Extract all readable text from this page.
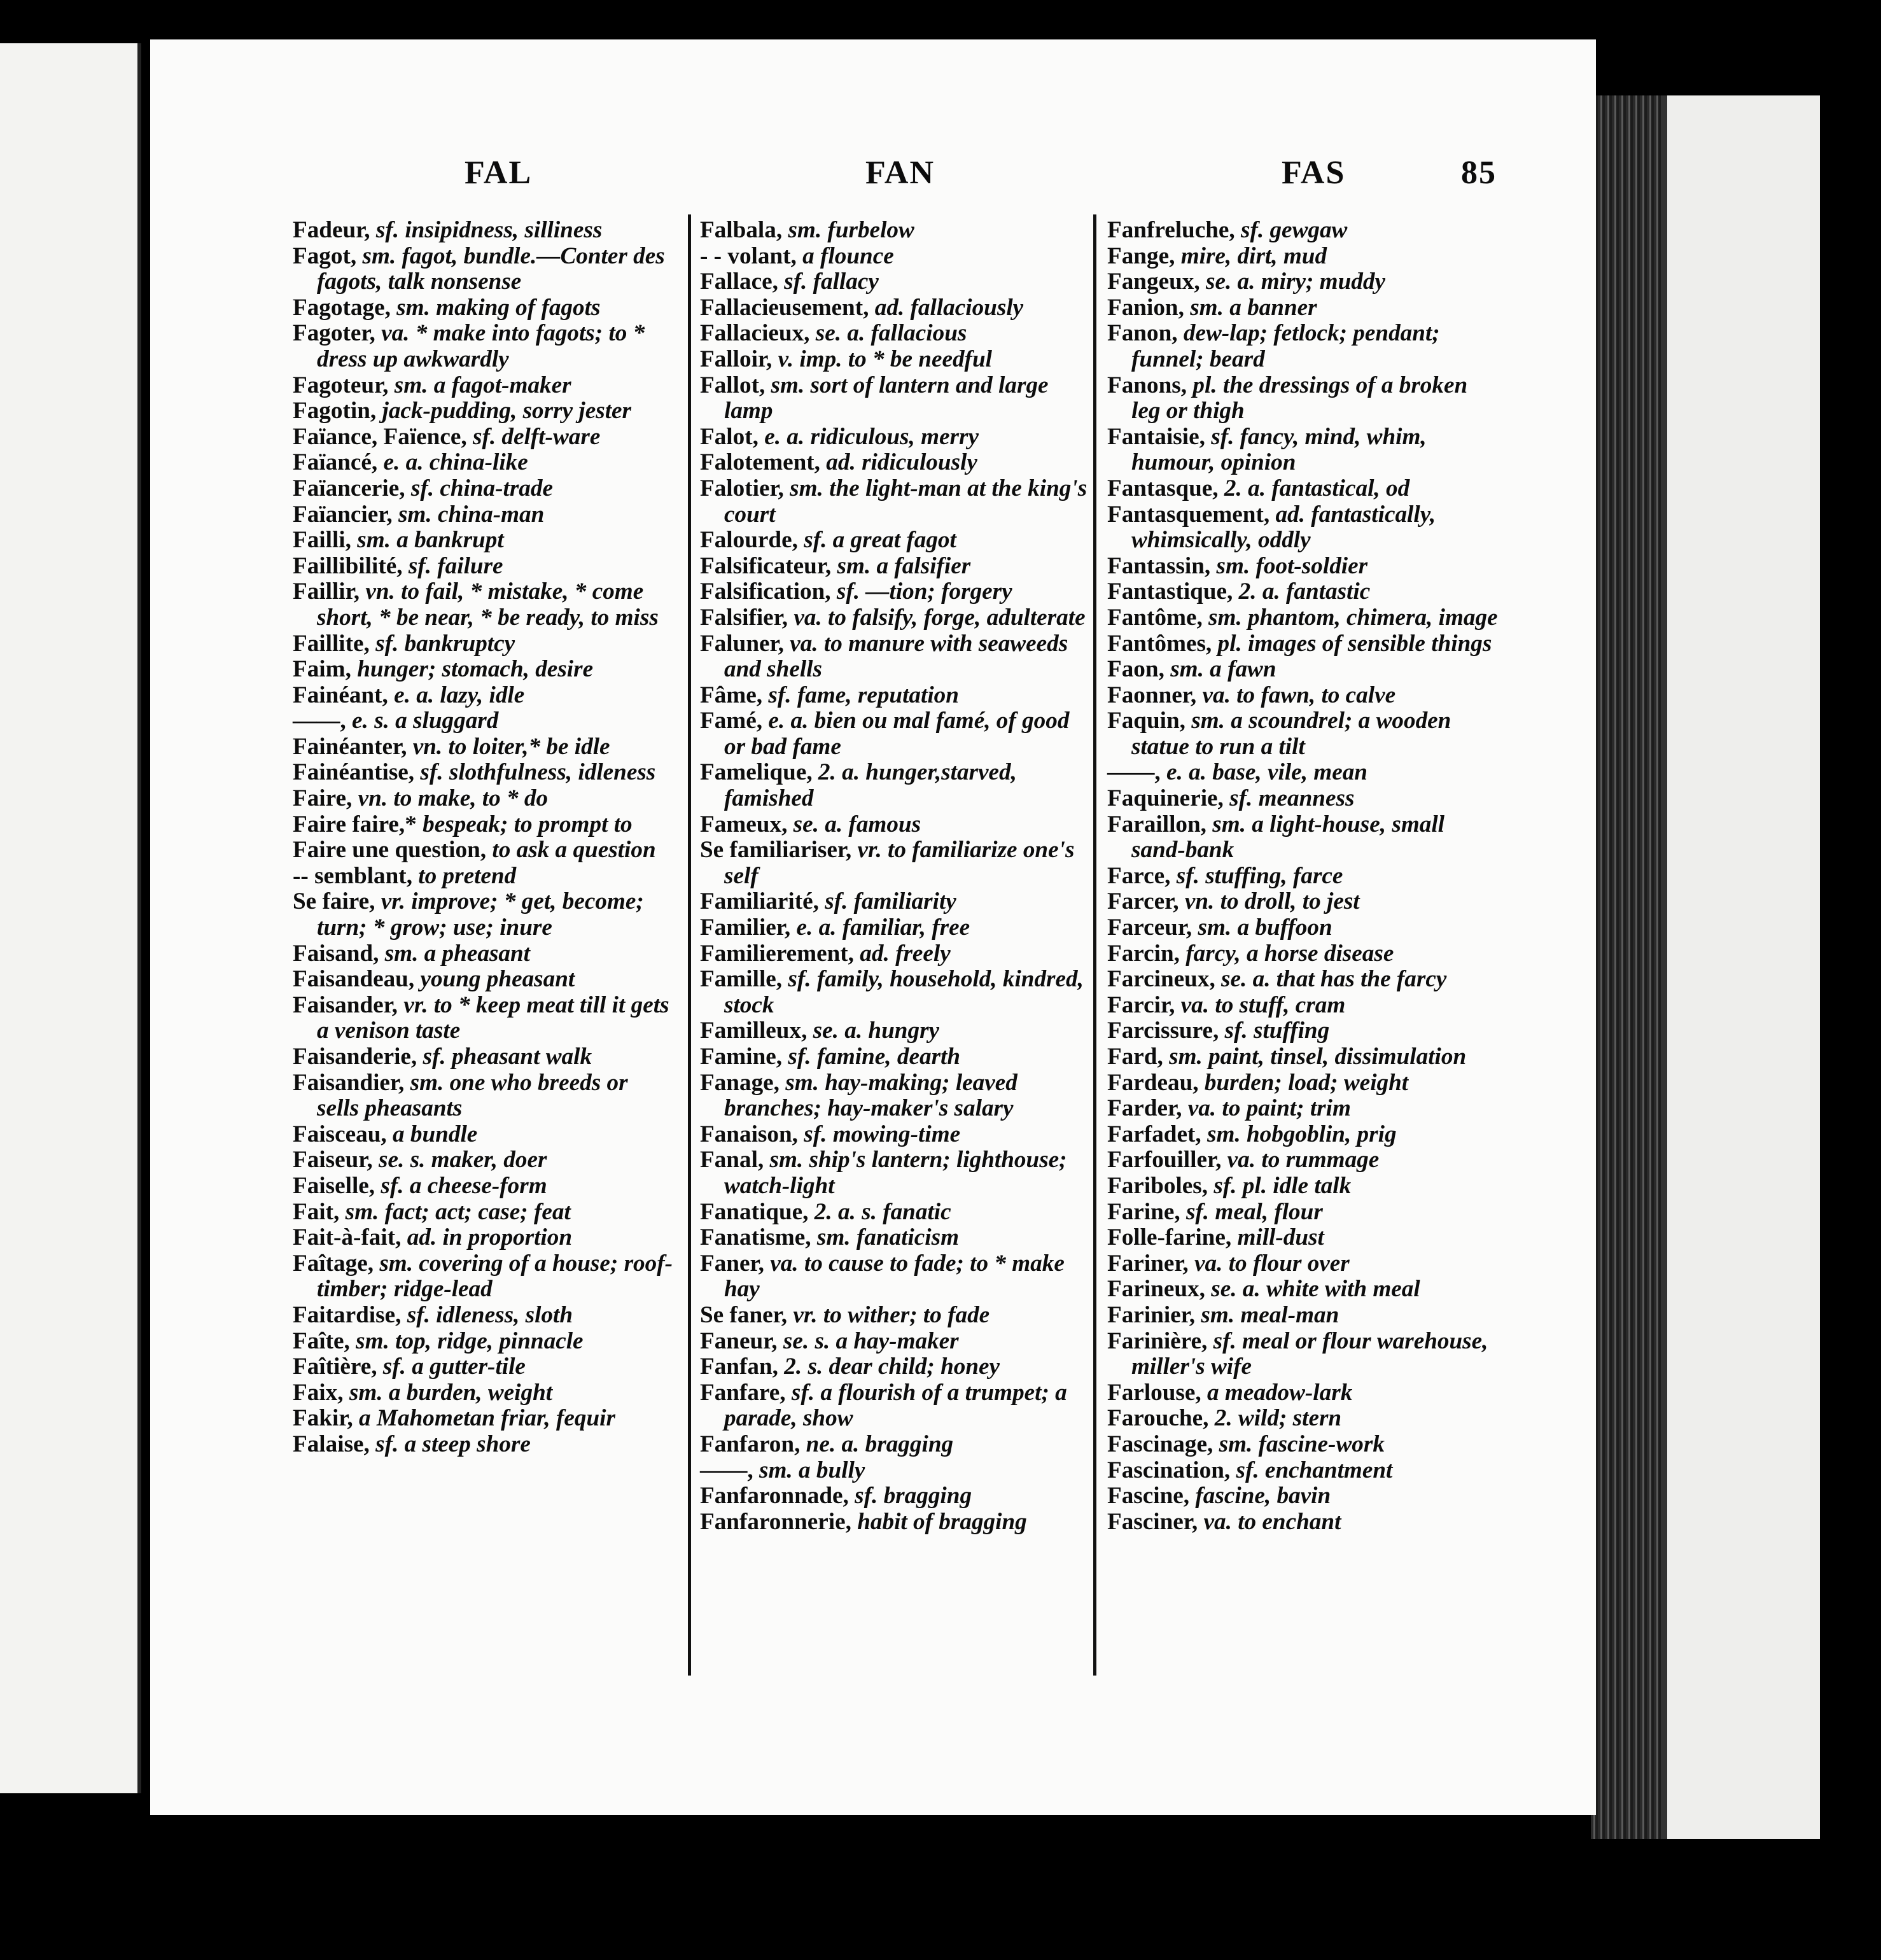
FAL	FAN	FAS	85
Fadeur, sf. insipidness, silliness
Fagot, sm. fagot, bundle.—Conter des fagots, talk nonsense
Fagotage, sm. making of fagots
Fagoter, va. * make into fagots; to * dress up awkwardly
Fagoteur, sm. a fagot-maker
Fagotin, jack-pudding, sorry jester
Faïance, Faïence, sf. delft-ware
Faïancé, e. a. china-like
Faïancerie, sf. china-trade
Faïancier, sm. china-man
Failli, sm. a bankrupt
Faillibilité, sf. failure
Faillir, vn. to fail, * mistake, * come short, * be near, * be ready, to miss
Faillite, sf. bankruptcy
Faim, hunger; stomach, desire
Fainéant, e. a. lazy, idle
——, e. s. a sluggard
Fainéanter, vn. to loiter,* be idle
Fainéantise, sf. slothfulness, idleness
Faire, vn. to make, to * do
Faire faire,* bespeak; to prompt to
Faire une question, to ask a question
-- semblant, to pretend
Se faire, vr. improve; * get, become; turn; * grow; use; inure
Faisand, sm. a pheasant
Faisandeau, young pheasant
Faisander, vr. to * keep meat till it gets a venison taste
Faisanderie, sf. pheasant walk
Faisandier, sm. one who breeds or sells pheasants
Faisceau, a bundle
Faiseur, se. s. maker, doer
Faiselle, sf. a cheese-form
Fait, sm. fact; act; case; feat
Fait-à-fait, ad. in proportion
Faîtage, sm. covering of a house; roof-timber; ridge-lead
Faitardise, sf. idleness, sloth
Faîte, sm. top, ridge, pinnacle
Faîtière, sf. a gutter-tile
Faix, sm. a burden, weight
Fakir, a Mahometan friar, fequir
Falaise, sf. a steep shore
Falbala, sm. furbelow
- - volant, a flounce
Fallace, sf. fallacy
Fallacieusement, ad. fallaciously
Fallacieux, se. a. fallacious
Falloir, v. imp. to * be needful
Fallot, sm. sort of lantern and large lamp
Falot, e. a. ridiculous, merry
Falotement, ad. ridiculously
Falotier, sm. the light-man at the king's court
Falourde, sf. a great fagot
Falsificateur, sm. a falsifier
Falsification, sf. —tion; forgery
Falsifier, va. to falsify, forge, adulterate
Faluner, va. to manure with seaweeds and shells
Fâme, sf. fame, reputation
Famé, e. a. bien ou mal famé, of good or bad fame
Famelique, 2. a. hunger,starved, famished
Fameux, se. a. famous
Se familiariser, vr. to familiarize one's self
Familiarité, sf. familiarity
Familier, e. a. familiar, free
Familierement, ad. freely
Famille, sf. family, household, kindred, stock
Familleux, se. a. hungry
Famine, sf. famine, dearth
Fanage, sm. hay-making; leaved branches; hay-maker's salary
Fanaison, sf. mowing-time
Fanal, sm. ship's lantern; lighthouse; watch-light
Fanatique, 2. a. s. fanatic
Fanatisme, sm. fanaticism
Faner, va. to cause to fade; to * make hay
Se faner, vr. to wither; to fade
Faneur, se. s. a hay-maker
Fanfan, 2. s. dear child; honey
Fanfare, sf. a flourish of a trumpet; a parade, show
Fanfaron, ne. a. bragging
——, sm. a bully
Fanfaronnade, sf. bragging
Fanfaronnerie, habit of bragging
Fanfreluche, sf. gewgaw
Fange, mire, dirt, mud
Fangeux, se. a. miry; muddy
Fanion, sm. a banner
Fanon, dew-lap; fetlock; pendant; funnel; beard
Fanons, pl. the dressings of a broken leg or thigh
Fantaisie, sf. fancy, mind, whim, humour, opinion
Fantasque, 2. a. fantastical, od
Fantasquement, ad. fantastically, whimsically, oddly
Fantassin, sm. foot-soldier
Fantastique, 2. a. fantastic
Fantôme, sm. phantom, chimera, image
Fantômes, pl. images of sensible things
Faon, sm. a fawn
Faonner, va. to fawn, to calve
Faquin, sm. a scoundrel; a wooden statue to run a tilt
——, e. a. base, vile, mean
Faquinerie, sf. meanness
Faraillon, sm. a light-house, small sand-bank
Farce, sf. stuffing, farce
Farcer, vn. to droll, to jest
Farceur, sm. a buffoon
Farcin, farcy, a horse disease
Farcineux, se. a. that has the farcy
Farcir, va. to stuff, cram
Farcissure, sf. stuffing
Fard, sm. paint, tinsel, dissimulation
Fardeau, burden; load; weight
Farder, va. to paint; trim
Farfadet, sm. hobgoblin, prig
Farfouiller, va. to rummage
Fariboles, sf. pl. idle talk
Farine, sf. meal, flour
Folle-farine, mill-dust
Fariner, va. to flour over
Farineux, se. a. white with meal
Farinier, sm. meal-man
Farinière, sf. meal or flour warehouse, miller's wife
Farlouse, a meadow-lark
Farouche, 2. wild; stern
Fascinage, sm. fascine-work
Fascination, sf. enchantment
Fascine, fascine, bavin
Fasciner, va. to enchant
